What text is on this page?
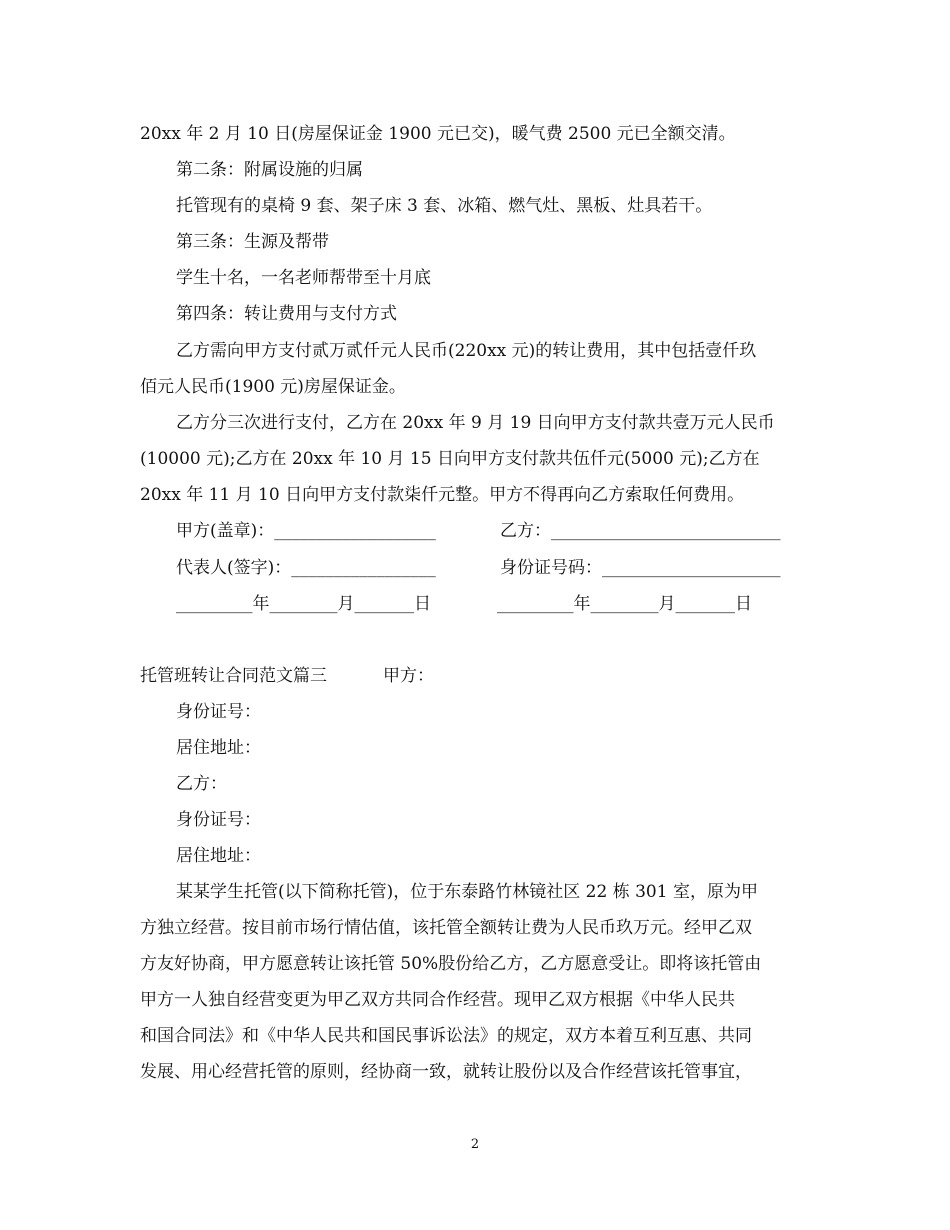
20xx 年 2 月 10 日(房屋保证金 1900 元已交)，暖气费 2500 元已全额交清。
第二条：附属设施的归属
托管现有的桌椅 9 套、架子床 3 套、冰箱、燃气灶、黑板、灶具若干。
第三条：生源及帮带
学生十名，一名老师帮带至十月底
第四条：转让费用与支付方式
乙方需向甲方支付贰万贰仟元人民币(220xx 元)的转让费用，其中包括壹仟玖
佰元人民币(1900 元)房屋保证金。
乙方分三次进行支付，乙方在 20xx 年 9 月 19 日向甲方支付款共壹万元人民币
(10000 元);乙方在 20xx 年 10 月 15 日向甲方支付款共伍仟元(5000 元);乙方在
20xx 年 11 月 10 日向甲方支付款柒仟元整。甲方不得再向乙方索取任何费用。
甲方(盖章)：___________________	乙方：___________________________
代表人(签字)：_________________	身份证号码：_____________________
_________年________月_______日	_________年________月_______日
托管班转让合同范文篇三	甲方：
身份证号：
居住地址：
乙方：
身份证号：
居住地址：
某某学生托管(以下简称托管)，位于东泰路竹林镜社区 22 栋 301 室，原为甲
方独立经营。按目前市场行情估值，该托管全额转让费为人民币玖万元。经甲乙双
方友好协商，甲方愿意转让该托管 50%股份给乙方，乙方愿意受让。即将该托管由
甲方一人独自经营变更为甲乙双方共同合作经营。现甲乙双方根据《中华人民共
和国合同法》和《中华人民共和国民事诉讼法》的规定，双方本着互利互惠、共同
发展、用心经营托管的原则，经协商一致，就转让股份以及合作经营该托管事宜，
2
